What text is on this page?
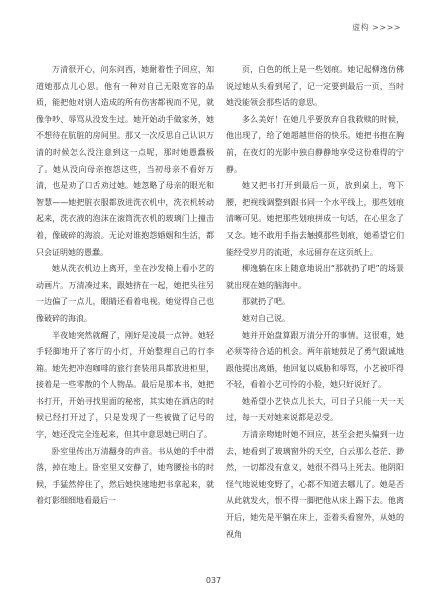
虚构 >>>>

万清很开心，问东问西，她耐着性子回应，知道她那点儿心思。他有一种对自己无限宽容的品质，能把他对别人造成的所有伤害都视而不见，就像争吵、辱骂从没发生过。她开始动手做家务，她不想待在肮脏的房间里。那又一次反思自己认识万清的时候怎么没注意到这一点呢，那时她愚蠢极了。她从没向母亲抱怨这些，当初母亲不看好万清，也是劝了口舌劝过她。她忽略了母亲的眼光和智慧——她把脏衣服都放进洗衣机中，洗衣机转动起来，洗衣液的泡沫在滚筒洗衣机的玻璃门上撞击着，像破碎的海浪。无论对谁抱怨婚姻和生活，都只会证明她的愚蠢。

她从洗衣机边上离开，坐在沙发椅上看小艺的动画片。万清凑过来，跟她挤在一起，她把头往另一边偏了一点儿，眼睛还看着电视。她觉得自己也像破碎的海浪。

半夜她突然就醒了，刚好是凌晨一点钟。她轻手轻脚地开了客厅的小灯，开始整理自己的行李箱。她先把冲泡咖啡的旅行套装用具都放进柜里，接着是一些零散的个人物品。最后是那本书，她把书打开，开始寻找里面的秘密，其实她在酒店的时候已经打开过了，只是发现了一些被做了记号的字，她还没完全连起来，但其中意思她已明白了。

卧室里传出万清翻身的声音。书从她的手中滑落，掉在地上。卧室里又安静了，她弯腰捡书的时候，手猛然停住了，然后她快速地把书拿起来，就着灯影细细地看最后一

页，白色的纸上是一些划痕。她记起柳逸仿佛说过她从头看到尾了，记一定要到最后一页，当时她没能领会那些话的意思。

多么美好！在她几乎要放弃自我救赎的时候，他出现了，给了她超越世俗的快乐。她把书抱在胸前，在夜灯的光影中独自静静地享受这份难得的宁静。

她又把书打开到最后一页，放到桌上，弯下腰，把视线调整到跟书同一个水平线上，那些划痕清晰可见。她把那些划痕拼成一句话，在心里念了又念。她不敢用手指去触摸那些划痕，她希望它们能经受岁月的流逝，永远留存在这页纸上。

柳逸躺在床上随意地说出“那就扔了吧”的场景就出现在她的脑海中。

那就扔了吧。

她对自己说。

她并开始盘算跟万清分开的事情。这很难，她必须等待合适的机会。两年前她鼓足了勇气跟诚地跟他提出离婚，他回复以威胁和辱骂，小艺被吓得不轻，看着小艺可怜的小脸，她只好说好了。

她希望小艺快点儿长大，可日子只能一天一天过，每一天对她来说都是忍受。

万清亲吻她时她不回应，甚至会把头偏到一边去，她看到了玻璃窗外的天空，白云那么苍茫、渺然，一切都没有意义，她很不得马上死去。他阴阳怪气地说她变野了，心都不知道去哪儿了。她是否从此就发火，恨不得一脚把他从床上踢下去。他离开后，她先是平躺在床上，歪着头看窗外，从她的视角

037
